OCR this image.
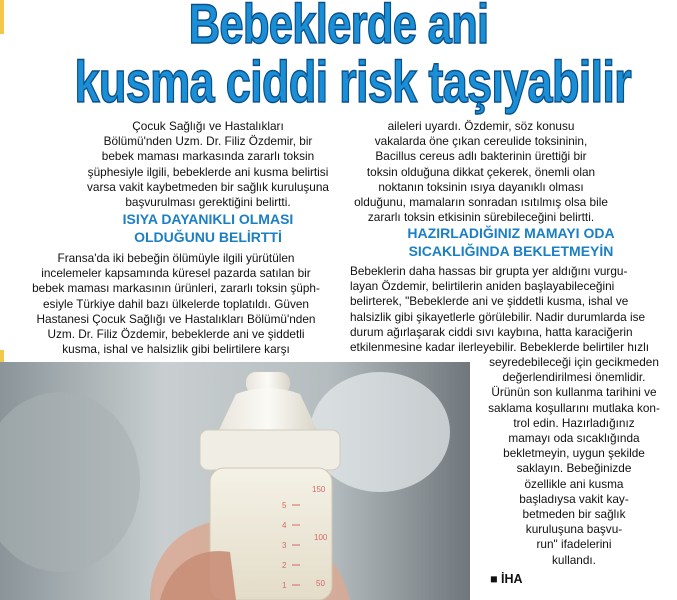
Bebeklerde ani
kusma ciddi risk taşıyabilir

Çocuk Sağlığı ve Hastalıkları

Bölümü'nden Uzm. Dr. Filiz Özdemir, bir

bebek maması markasında zararlı toksin

şüphesiyle ilgili, bebeklerde ani kusma belirtisi

varsa vakit kaybetmeden bir sağlık kuruluşuna

başvurulması gerektiğini belirtti.

ISIYA DAYANIKLI OLMASI

OLDUĞUNU BELİRTTİ

Fransa'da iki bebeğin ölümüyle ilgili yürütülen

incelemeler kapsamında küresel pazarda satılan bir

bebek maması markasının ürünleri, zararlı toksin şüph-

esiyle Türkiye dahil bazı ülkelerde toplatıldı. Güven

Hastanesi Çocuk Sağlığı ve Hastalıkları Bölümü'nden

Uzm. Dr. Filiz Özdemir, bebeklerde ani ve şiddetli

kusma, ishal ve halsizlik gibi belirtilere karşı

aileleri uyardı. Özdemir, söz konusu

vakalarda öne çıkan cereulide toksininin,

Bacillus cereus adlı bakterinin ürettiği bir

toksin olduğuna dikkat çekerek, önemli olan

noktanın toksinin ısıya dayanıklı olması

olduğunu, mamaların sonradan ısıtılmış olsa bile

zararlı toksin etkisinin sürebileceğini belirtti.

HAZIRLADIĞINIZ MAMAYI ODA

SICAKLIĞINDA BEKLETMEYİN

Bebeklerin daha hassas bir grupta yer aldığını vurgu-

layan Özdemir, belirtilerin aniden başlayabileceğini

belirterek, "Bebeklerde ani ve şiddetli kusma, ishal ve

halsizlik gibi şikayetlerle görülebilir. Nadir durumlarda ise

durum ağırlaşarak ciddi sıvı kaybına, hatta karaciğerin

etkilenmesine kadar ilerleyebilir. Bebeklerde belirtiler hızlı

seyredebileceği için gecikmeden

değerlendirilmesi önemlidir.

Ürünün son kullanma tarihini ve

saklama koşullarını mutlaka kon-

trol edin. Hazırladığınız

mamayı oda sıcaklığında

bekletmeyin, uygun şekilde

saklayın. Bebeğinizde

özellikle ani kusma

başladıysa vakit kay-

betmeden bir sağlık

kuruluşuna başvu-

run" ifadelerini

kullandı.

■ İHA
5
4
3
2
1
150
100
50
